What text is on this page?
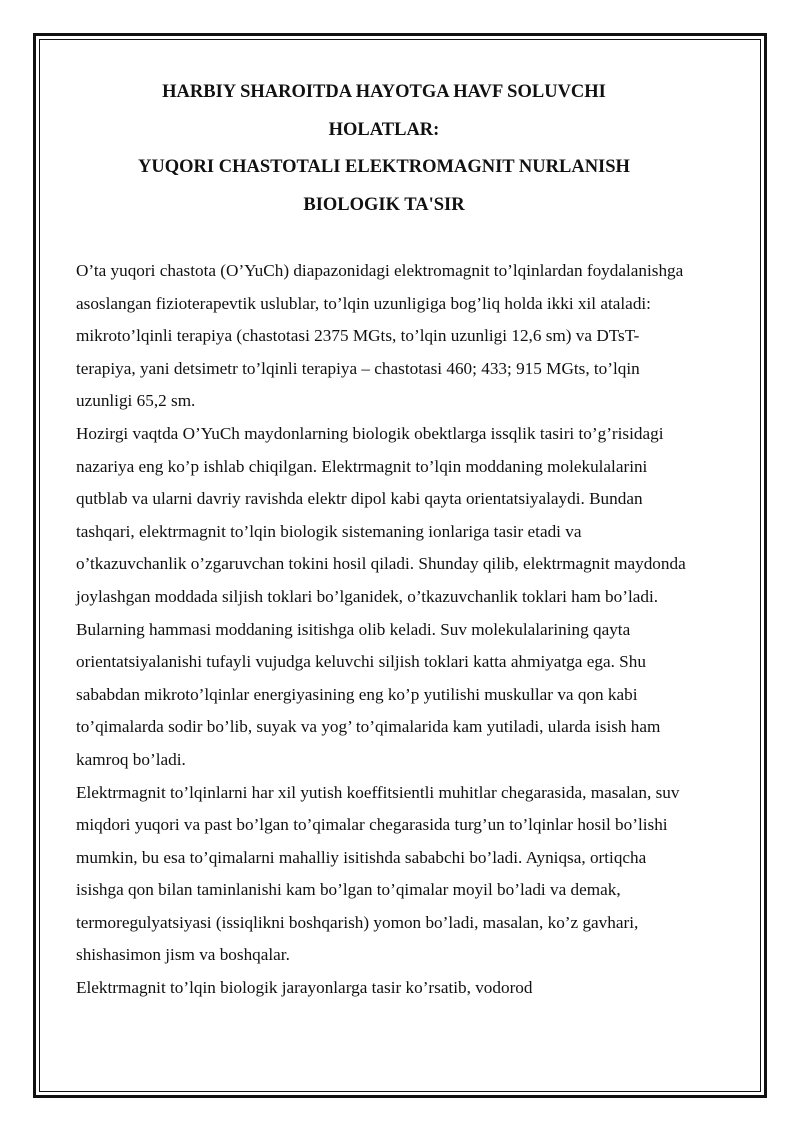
HARBIY SHAROITDA HAYOTGA HAVF SOLUVCHI
HOLATLAR:
YUQORI CHASTOTALI ELEKTROMAGNIT NURLANISH
BIOLOGIK TA'SIR

O’ta yuqori chastota (O’YuCh) diapazonidagi elektromagnit to’lqinlardan foydalanishga asoslangan fizioterapevtik uslublar, to’lqin uzunligiga bog’liq holda ikki xil ataladi: mikroto’lqinli terapiya (chastotasi 2375 MGts, to’lqin uzunligi 12,6 sm) va DTsT-terapiya, yani detsimetr to’lqinli terapiya – chastotasi 460; 433; 915 MGts, to’lqin uzunligi 65,2 sm.

Hozirgi vaqtda O’YuCh maydonlarning biologik obektlarga issqlik tasiri to’g’risidagi nazariya eng ko’p ishlab chiqilgan. Elektrmagnit to’lqin moddaning molekulalarini qutblab va ularni davriy ravishda elektr dipol kabi qayta orientatsiyalaydi. Bundan tashqari, elektrmagnit to’lqin biologik sistemaning ionlariga tasir etadi va o’tkazuvchanlik o’zgaruvchan tokini hosil qiladi. Shunday qilib, elektrmagnit maydonda joylashgan moddada siljish toklari bo’lganidek, o’tkazuvchanlik toklari ham bo’ladi. Bularning hammasi moddaning isitishga olib keladi. Suv molekulalarining qayta orientatsiyalanishi tufayli vujudga keluvchi siljish toklari katta ahmiyatga ega. Shu sababdan mikroto’lqinlar energiyasining eng ko’p yutilishi muskullar va qon kabi to’qimalarda sodir bo’lib, suyak va yog’ to’qimalarida kam yutiladi, ularda isish ham kamroq bo’ladi.

Elektrmagnit to’lqinlarni har xil yutish koeffitsientli muhitlar chegarasida, masalan, suv miqdori yuqori va past bo’lgan to’qimalar chegarasida turg’un to’lqinlar hosil bo’lishi mumkin, bu esa to’qimalarni mahalliy isitishda sababchi bo’ladi. Ayniqsa, ortiqcha isishga qon bilan taminlanishi kam bo’lgan to’qimalar moyil bo’ladi va demak, termoregulyatsiyasi (issiqlikni boshqarish) yomon bo’ladi, masalan, ko’z gavhari, shishasimon jism va boshqalar.

Elektrmagnit to’lqin biologik jarayonlarga tasir ko’rsatib, vodorod
